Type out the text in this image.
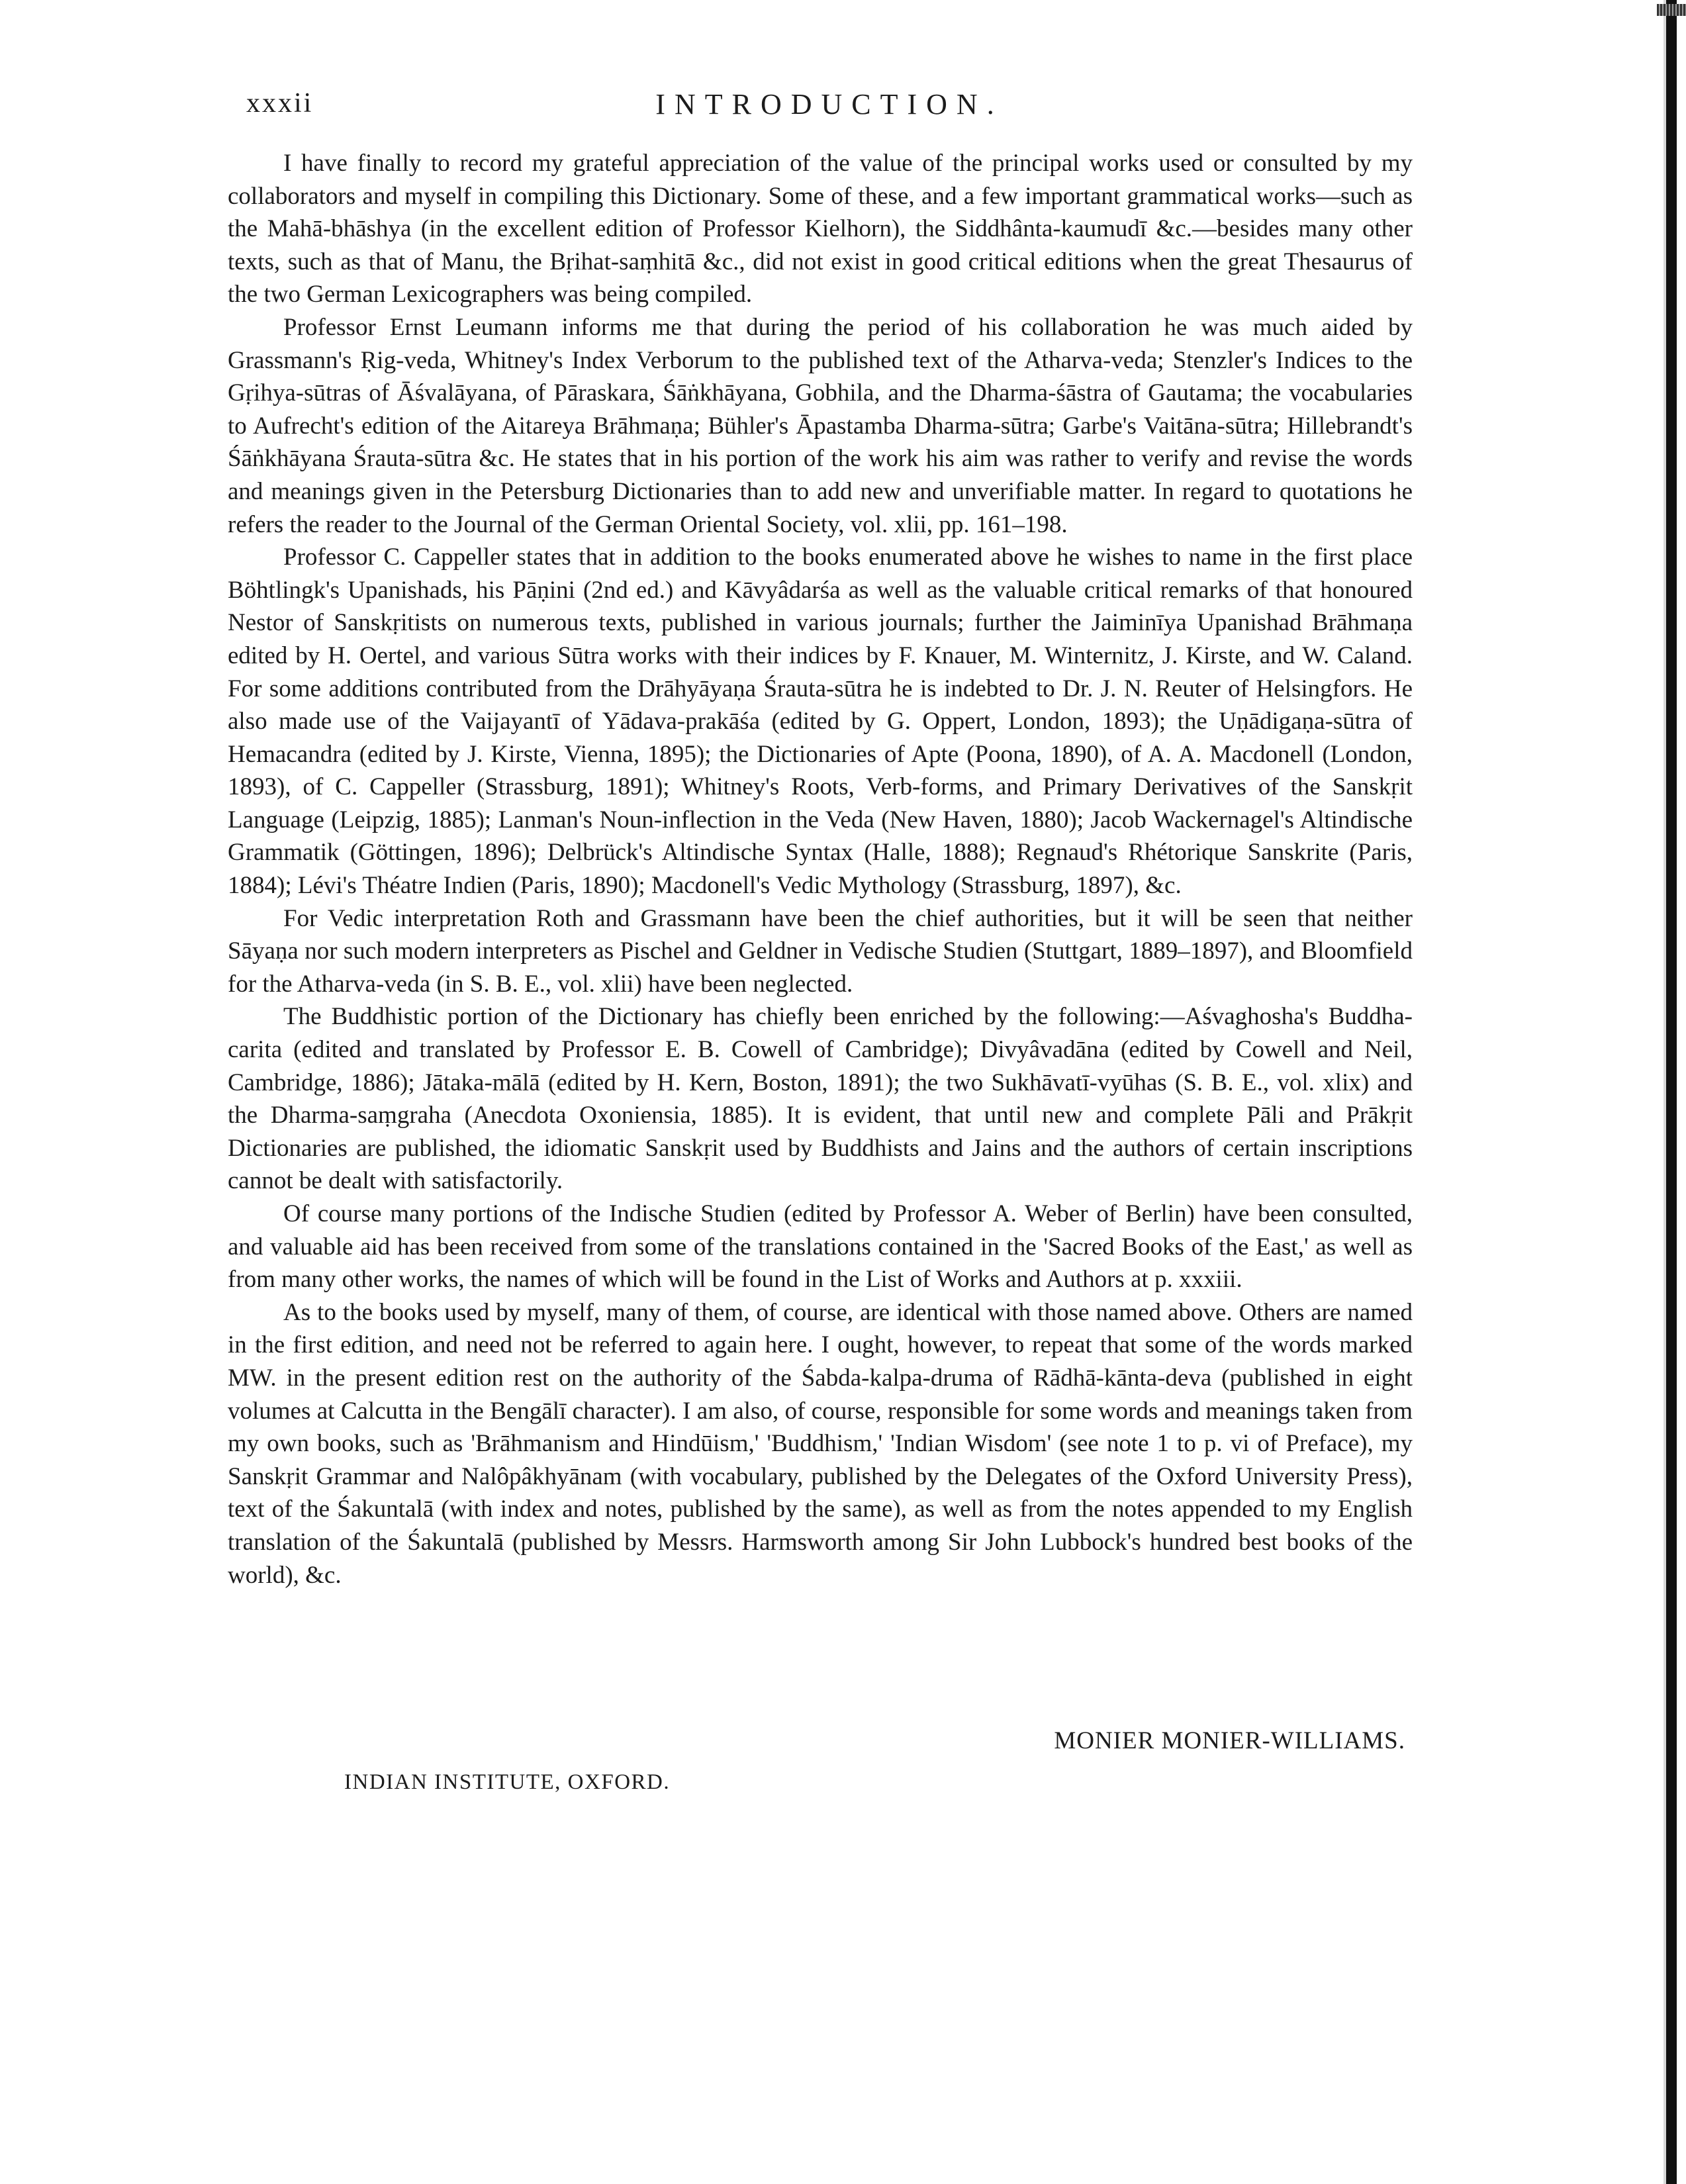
xxxii	INTRODUCTION.

I have finally to record my grateful appreciation of the value of the principal works used or consulted by my collaborators and myself in compiling this Dictionary. Some of these, and a few important grammatical works—such as the Mahā-bhāshya (in the excellent edition of Professor Kielhorn), the Siddhânta-kaumudī &c.—besides many other texts, such as that of Manu, the Bṛihat-saṃhitā &c., did not exist in good critical editions when the great Thesaurus of the two German Lexicographers was being compiled.

Professor Ernst Leumann informs me that during the period of his collaboration he was much aided by Grassmann's Ṛig-veda, Whitney's Index Verborum to the published text of the Atharva-veda; Stenzler's Indices to the Gṛihya-sūtras of Āśvalāyana, of Pāraskara, Śāṅkhāyana, Gobhila, and the Dharma-śāstra of Gautama; the vocabularies to Aufrecht's edition of the Aitareya Brāhmaṇa; Bühler's Āpastamba Dharma-sūtra; Garbe's Vaitāna-sūtra; Hillebrandt's Śāṅkhāyana Śrauta-sūtra &c. He states that in his portion of the work his aim was rather to verify and revise the words and meanings given in the Petersburg Dictionaries than to add new and unverifiable matter. In regard to quotations he refers the reader to the Journal of the German Oriental Society, vol. xlii, pp. 161–198.

Professor C. Cappeller states that in addition to the books enumerated above he wishes to name in the first place Böhtlingk's Upanishads, his Pāṇini (2nd ed.) and Kāvyâdarśa as well as the valuable critical remarks of that honoured Nestor of Sanskṛitists on numerous texts, published in various journals; further the Jaiminīya Upanishad Brāhmaṇa edited by H. Oertel, and various Sūtra works with their indices by F. Knauer, M. Winternitz, J. Kirste, and W. Caland. For some additions contributed from the Drāhyāyaṇa Śrauta-sūtra he is indebted to Dr. J. N. Reuter of Helsingfors. He also made use of the Vaijayantī of Yādava-prakāśa (edited by G. Oppert, London, 1893); the Uṇādigaṇa-sūtra of Hemacandra (edited by J. Kirste, Vienna, 1895); the Dictionaries of Apte (Poona, 1890), of A. A. Macdonell (London, 1893), of C. Cappeller (Strassburg, 1891); Whitney's Roots, Verb-forms, and Primary Derivatives of the Sanskṛit Language (Leipzig, 1885); Lanman's Noun-inflection in the Veda (New Haven, 1880); Jacob Wackernagel's Altindische Grammatik (Göttingen, 1896); Delbrück's Altindische Syntax (Halle, 1888); Regnaud's Rhétorique Sanskrite (Paris, 1884); Lévi's Théatre Indien (Paris, 1890); Macdonell's Vedic Mythology (Strassburg, 1897), &c.

For Vedic interpretation Roth and Grassmann have been the chief authorities, but it will be seen that neither Sāyaṇa nor such modern interpreters as Pischel and Geldner in Vedische Studien (Stuttgart, 1889–1897), and Bloomfield for the Atharva-veda (in S. B. E., vol. xlii) have been neglected.

The Buddhistic portion of the Dictionary has chiefly been enriched by the following:—Aśvaghosha's Buddha-carita (edited and translated by Professor E. B. Cowell of Cambridge); Divyâvadāna (edited by Cowell and Neil, Cambridge, 1886); Jātaka-mālā (edited by H. Kern, Boston, 1891); the two Sukhāvatī-vyūhas (S. B. E., vol. xlix) and the Dharma-saṃgraha (Anecdota Oxoniensia, 1885). It is evident, that until new and complete Pāli and Prākṛit Dictionaries are published, the idiomatic Sanskṛit used by Buddhists and Jains and the authors of certain inscriptions cannot be dealt with satisfactorily.

Of course many portions of the Indische Studien (edited by Professor A. Weber of Berlin) have been consulted, and valuable aid has been received from some of the translations contained in the 'Sacred Books of the East,' as well as from many other works, the names of which will be found in the List of Works and Authors at p. xxxiii.

As to the books used by myself, many of them, of course, are identical with those named above. Others are named in the first edition, and need not be referred to again here. I ought, however, to repeat that some of the words marked MW. in the present edition rest on the authority of the Śabda-kalpa-druma of Rādhā-kānta-deva (published in eight volumes at Calcutta in the Bengālī character). I am also, of course, responsible for some words and meanings taken from my own books, such as 'Brāhmanism and Hindūism,' 'Buddhism,' 'Indian Wisdom' (see note 1 to p. vi of Preface), my Sanskṛit Grammar and Nalôpâkhyānam (with vocabulary, published by the Delegates of the Oxford University Press), text of the Śakuntalā (with index and notes, published by the same), as well as from the notes appended to my English translation of the Śakuntalā (published by Messrs. Harmsworth among Sir John Lubbock's hundred best books of the world), &c.

MONIER MONIER-WILLIAMS.
INDIAN INSTITUTE, OXFORD.
